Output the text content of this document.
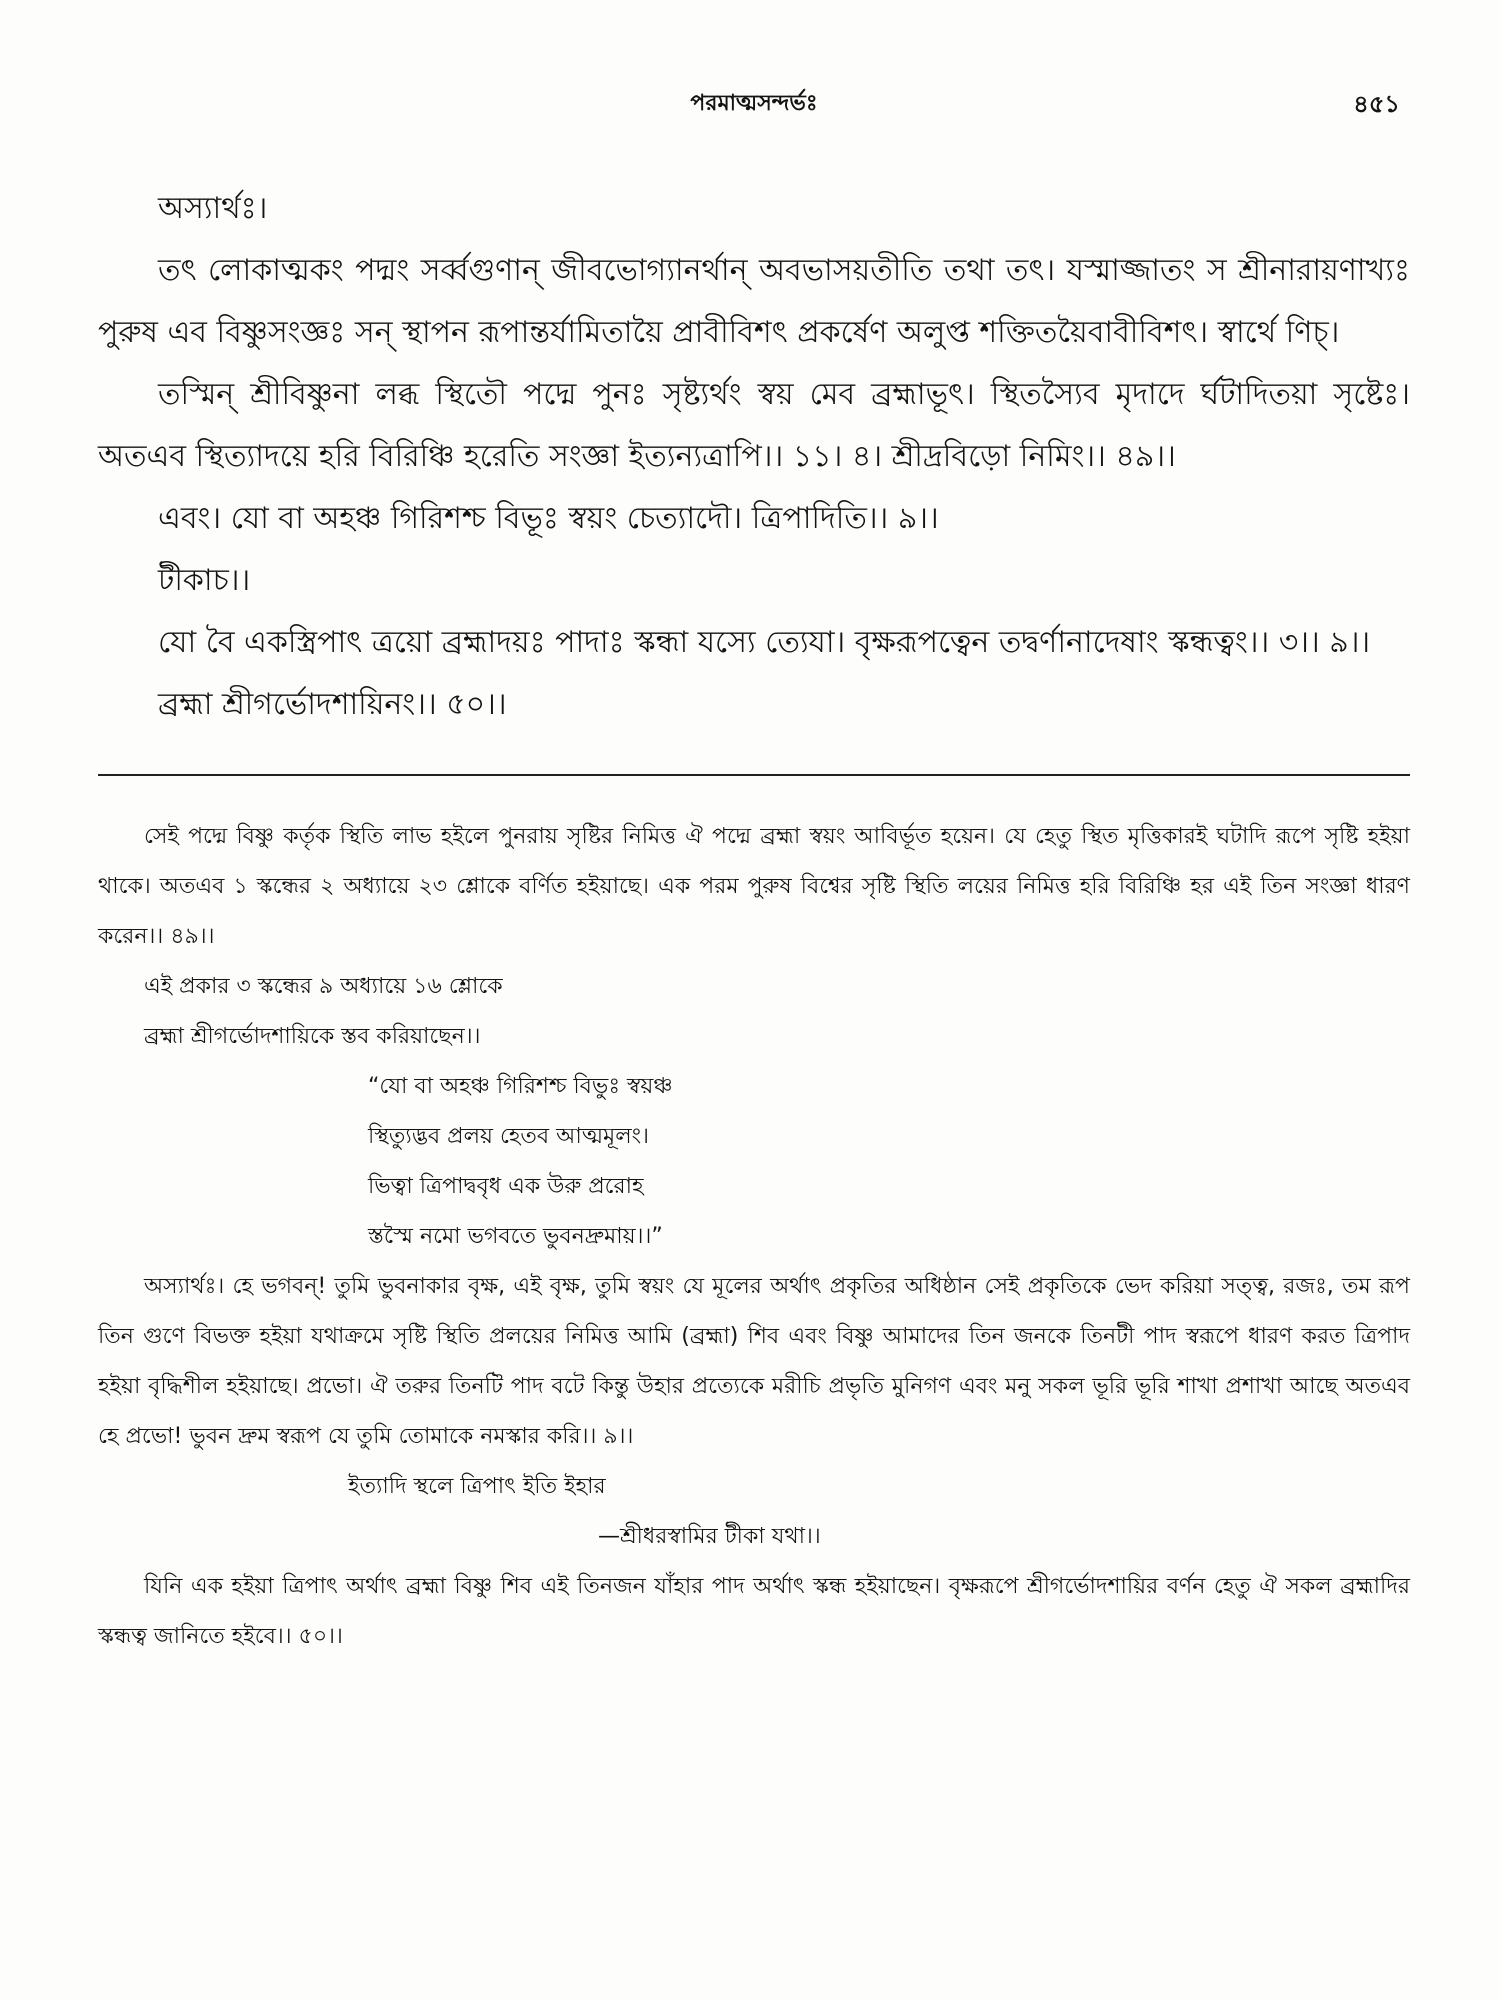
পরমাত্মসন্দর্ভঃ	৪৫১

অস্যার্থঃ।

তৎ লোকাত্মকং পদ্মং সর্ব্বগুণান্ জীবভোগ্যানর্থান্ অবভাসয়তীতি তথা তৎ। যস্মাজ্জাতং স শ্রীনারায়ণাখ্যঃ পুরুষ এব বিষ্ণুসংজ্ঞঃ সন্ স্থাপন রূপান্তর্যামিতায়ৈ প্রাবীবিশৎ প্রকর্ষেণ অলুপ্ত শক্তিতয়ৈবাবীবিশৎ। স্বার্থে ণিচ্।

তস্মিন্ শ্রীবিষ্ণুনা লব্ধ স্থিতৌ পদ্মে পুনঃ সৃষ্ট্যর্থং স্বয় মেব ব্রহ্মাভূৎ। স্থিতস্যৈব মৃদাদে র্ঘটাদিতয়া সৃষ্টেঃ। অতএব স্থিত্যাদয়ে হরি বিরিঞ্চি হরেতি সংজ্ঞা ইত্যন্যত্রাপি।। ১১। ৪। শ্রীদ্রবিড়ো নিমিং।। ৪৯।।

এবং। যো বা অহঞ্চ গিরিশশ্চ বিভূঃ স্বয়ং চেত্যাদৌ। ত্রিপাদিতি।। ৯।।

টীকাচ।।

যো বৈ একস্ত্রিপাৎ ত্রয়ো ব্রহ্মাদয়ঃ পাদাঃ স্কন্ধা যস্যে ত্যেযা। বৃক্ষরূপত্বেন তদ্বর্ণানাদেষাং স্কন্ধত্বং।। ৩।। ৯।।

ব্রহ্মা শ্রীগর্ভোদশায়িনং।। ৫০।।

সেই পদ্মে বিষ্ণু কর্তৃক স্থিতি লাভ হইলে পুনরায় সৃষ্টির নিমিত্ত ঐ পদ্মে ব্রহ্মা স্বয়ং আবির্ভূত হয়েন। যে হেতু স্থিত মৃত্তিকারই ঘটাদি রূপে সৃষ্টি হইয়া থাকে। অতএব ১ স্কন্ধের ২ অধ্যায়ে ২৩ শ্লোকে বর্ণিত হইয়াছে। এক পরম পুরুষ বিশ্বের সৃষ্টি স্থিতি লয়ের নিমিত্ত হরি বিরিঞ্চি হর এই তিন সংজ্ঞা ধারণ করেন।। ৪৯।।

এই প্রকার ৩ স্কন্ধের ৯ অধ্যায়ে ১৬ শ্লোকে

ব্রহ্মা শ্রীগর্ভোদশায়িকে স্তব করিয়াছেন।।

“যো বা অহঞ্চ গিরিশশ্চ বিভুঃ স্বয়ঞ্চ
স্থিত্যুদ্ভব প্রলয় হেতব আত্মমূলং।
ভিত্বা ত্রিপাদ্ববৃধ এক উরু প্ররোহ
স্তস্মৈ নমো ভগবতে ভুবনদ্রুমায়।।”

অস্যার্থঃ। হে ভগবন্! তুমি ভুবনাকার বৃক্ষ, এই বৃক্ষ, তুমি স্বয়ং যে মূলের অর্থাৎ প্রকৃতির অধিষ্ঠান সেই প্রকৃতিকে ভেদ করিয়া সত্ত্ব, রজঃ, তম রূপ তিন গুণে বিভক্ত হইয়া যথাক্রমে সৃষ্টি স্থিতি প্রলয়ের নিমিত্ত আমি (ব্রহ্মা) শিব এবং বিষ্ণু আমাদের তিন জনকে তিনটী পাদ স্বরূপে ধারণ করত ত্রিপাদ হইয়া বৃদ্ধিশীল হইয়াছে। প্রভো। ঐ তরুর তিনটি পাদ বটে কিন্তু উহার প্রত্যেকে মরীচি প্রভৃতি মুনিগণ এবং মনু সকল ভূরি ভূরি শাখা প্রশাখা আছে অতএব হে প্রভো! ভুবন দ্রুম স্বরূপ যে তুমি তোমাকে নমস্কার করি।। ৯।।

ইত্যাদি স্থলে ত্রিপাৎ ইতি ইহার
—শ্রীধরস্বামির টীকা যথা।।

যিনি এক হইয়া ত্রিপাৎ অর্থাৎ ব্রহ্মা বিষ্ণু শিব এই তিনজন যাঁহার পাদ অর্থাৎ স্কন্ধ হইয়াছেন। বৃক্ষরূপে শ্রীগর্ভোদশায়ির বর্ণন হেতু ঐ সকল ব্রহ্মাদির স্কন্ধত্ব জানিতে হইবে।। ৫০।।
